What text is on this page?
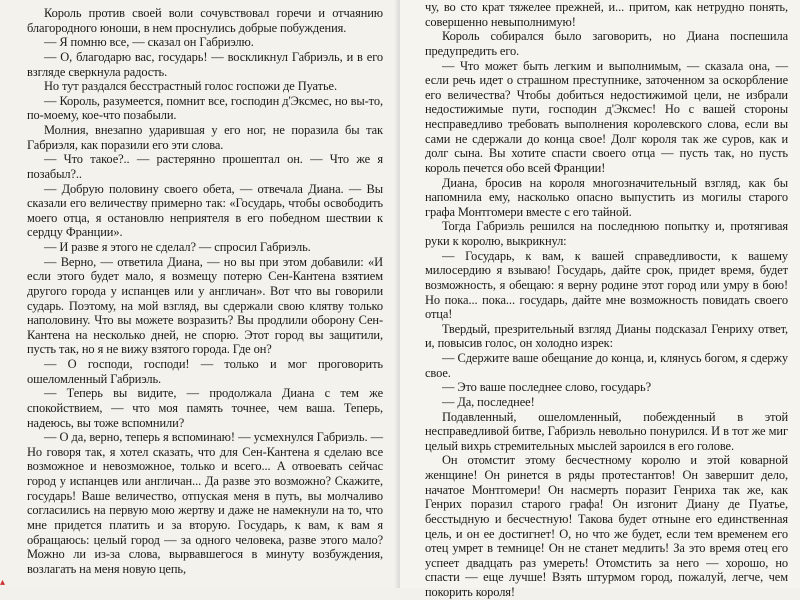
Король против своей воли сочувствовал горечи и отчаянию благородного юноши, в нем проснулись добрые побуждения.

— Я помню все, — сказал он Габриэлю.

— О, благодарю вас, государь! — воскликнул Габриэль, и в его взгляде сверкнула радость.

Но тут раздался бесстрастный голос госпожи де Пуатье.

— Король, разумеется, помнит все, господин д'Эксмес, но вы-то, по-моему, кое-что позабыли.

Молния, внезапно ударившая у его ног, не поразила бы так Габриэля, как поразили его эти слова.

— Что такое?.. — растерянно прошептал он. — Что же я позабыл?..

— Добрую половину своего обета, — отвечала Диана. — Вы сказали его величеству примерно так: «Государь, чтобы освободить моего отца, я остановлю неприятеля в его победном шествии к сердцу Франции».

— И разве я этого не сделал? — спросил Габриэль.

— Верно, — ответила Диана, — но вы при этом добавили: «И если этого будет мало, я возмещу потерю Сен-Кантена взятием другого города у испанцев или у англичан». Вот что вы говорили сударь. Поэтому, на мой взгляд, вы сдержали свою клятву только наполовину. Что вы можете возразить? Вы продлили оборону Сен-Кантена на несколько дней, не спорю. Этот город вы защитили, пусть так, но я не вижу взятого города. Где он?

— О господи, господи! — только и мог проговорить ошеломленный Габриэль.

— Теперь вы видите, — продолжала Диана с тем же спокойствием, — что моя память точнее, чем ваша. Теперь, надеюсь, вы тоже вспомнили?

— О да, верно, теперь я вспоминаю! — усмехнулся Габриэль. — Но говоря так, я хотел сказать, что для Сен-Кантена я сделаю все возможное и невозможное, только и всего... А отвоевать сейчас город у испанцев или англичан... Да разве это возможно? Скажите, государь! Ваше величество, отпуская меня в путь, вы молчаливо согласились на первую мою жертву и даже не намекнули на то, что мне придется платить и за вторую. Государь, к вам, к вам я обращаюсь: целый город — за одного человека, разве этого мало? Можно ли из-за слова, вырвавшегося в минуту возбуждения, возлагать на меня новую цепь,

чу, во сто крат тяжелее прежней, и... притом, как нетрудно понять, совершенно невыполнимую!

Король собирался было заговорить, но Диана поспешила предупредить его.

— Что может быть легким и выполнимым, — сказала она, — если речь идет о страшном преступнике, заточенном за оскорбление его величества? Чтобы добиться недостижимой цели, не избрали недостижимые пути, господин д'Эксмес! Но с вашей стороны несправедливо требовать выполнения королевского слова, если вы сами не сдержали до конца свое! Долг короля так же суров, как и долг сына. Вы хотите спасти своего отца — пусть так, но пусть король печется обо всей Франции!

Диана, бросив на короля многозначительный взгляд, как бы напомнила ему, насколько опасно выпустить из могилы старого графа Монтгомери вместе с его тайной.

Тогда Габриэль решился на последнюю попытку и, протягивая руки к королю, выкрикнул:

— Государь, к вам, к вашей справедливости, к вашему милосердию я взываю! Государь, дайте срок, придет время, будет возможность, я обещаю: я верну родине этот город или умру в бою! Но пока... пока... государь, дайте мне возможность повидать своего отца!

Твердый, презрительный взгляд Дианы подсказал Генриху ответ, и, повысив голос, он холодно изрек:

— Сдержите ваше обещание до конца, и, клянусь богом, я сдержу свое.

— Это ваше последнее слово, государь?

— Да, последнее!

Подавленный, ошеломленный, побежденный в этой несправедливой битве, Габриэль невольно понурился. И в тот же миг целый вихрь стремительных мыслей зароился в его голове.

Он отомстит этому бесчестному королю и этой коварной женщине! Он ринется в ряды протестантов! Он завершит дело, начатое Монтгомери! Он насмерть поразит Генриха так же, как Генрих поразил старого графа! Он изгонит Диану де Пуатье, бесстыдную и бесчестную! Такова будет отныне его единственная цель, и он ее достигнет! О, но что же будет, если тем временем его отец умрет в темнице! Он не станет медлить! За это время отец его успеет двадцать раз умереть! Отомстить за него — хорошо, но спасти — еще лучше! Взять штурмом город, пожалуй, легче, чем покорить короля!

▴
